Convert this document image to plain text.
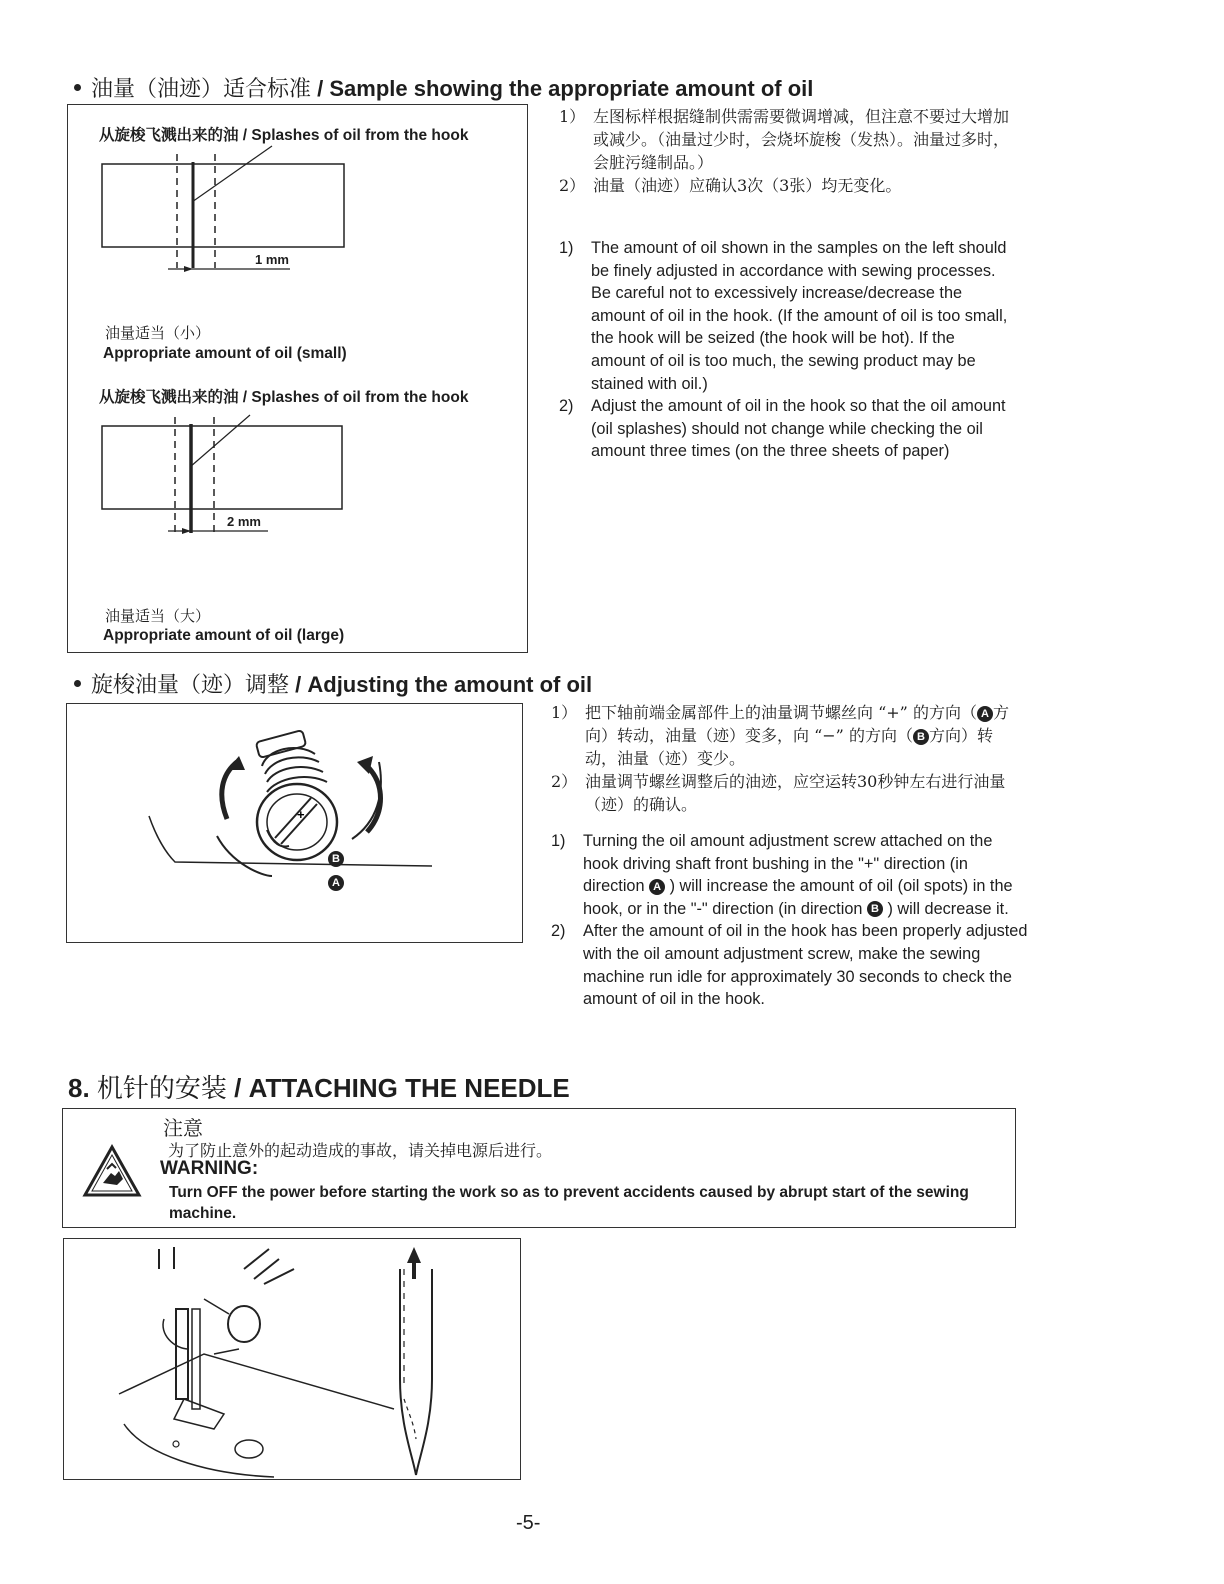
油量（油迹）适合标准 / Sample showing the appropriate amount of oil
从旋梭飞溅出来的油 / Splashes of oil from the hook
1 mm
油量适当（小）
Appropriate amount of oil (small)
从旋梭飞溅出来的油 / Splashes of oil from the hook
2 mm
油量适当（大）
Appropriate amount of oil (large)
1） 左图标样根据缝制供需需要微调增减，但注意不要过大增加或减少。（油量过少时，会烧坏旋梭（发热）。油量过多时，会脏污缝制品。）
2） 油量（油迹）应确认3次（3张）均无变化。
1) The amount of oil shown in the samples on the left should be finely adjusted in accordance with sewing processes. Be careful not to excessively increase/decrease the amount of oil in the hook. (If the amount of oil is too small, the hook will be seized (the hook will be hot). If the amount of oil is too much, the sewing product may be stained with oil.)
2) Adjust the amount of oil in the hook so that the oil amount (oil splashes) should not change while checking the oil amount three times (on the three sheets of paper)
旋梭油量（迹）调整 / Adjusting the amount of oil
+
A
B
1） 把下轴前端金属部件上的油量调节螺丝向 “+” 的方向（ A 方向）转动，油量（迹）变多，向 “−” 的方向（ B 方向）转动，油量（迹）变少。
2） 油量调节螺丝调整后的油迹，应空运转30秒钟左右进行油量（迹）的确认。
1) Turning the oil amount adjustment screw attached on the hook driving shaft front bushing in the "+" direction (in direction A ) will increase the amount of oil (oil spots) in the hook, or in the "-" direction (in direction B ) will decrease it.
2) After the amount of oil in the hook has been properly adjusted with the oil amount adjustment screw, make the sewing machine run idle for approximately 30 seconds to check the amount of oil in the hook.
8. 机针的安装 / ATTACHING THE NEEDLE
注意
为了防止意外的起动造成的事故，请关掉电源后进行。
WARNING:
Turn OFF the power before starting the work so as to prevent accidents caused by abrupt start of the sewing machine.
-5-
